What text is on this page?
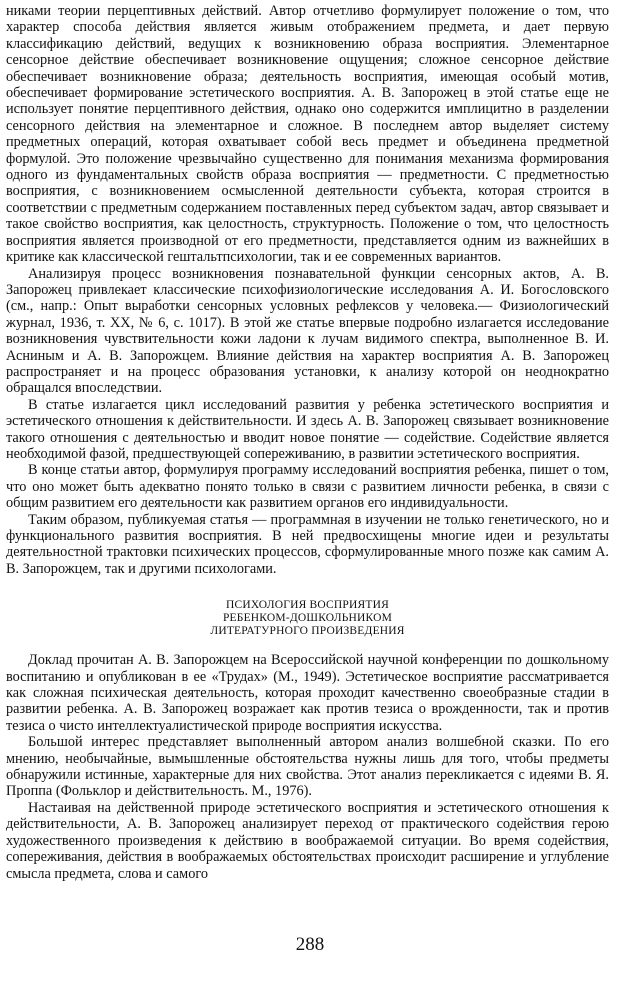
никами теории перцептивных действий. Автор отчетливо формулирует положение о том, что характер способа действия является живым отображением предмета, и дает первую классификацию действий, ведущих к возникновению образа восприятия. Элементарное сенсорное действие обеспечивает возникновение ощущения; сложное сенсорное действие обеспечивает возникновение образа; деятельность восприятия, имеющая особый мотив, обеспечивает формирование эстетического восприятия. А. В. Запорожец в этой статье еще не использует понятие перцептивного действия, однако оно содержится имплицитно в разделении сенсорного действия на элементарное и сложное. В последнем автор выделяет систему предметных операций, которая охватывает собой весь предмет и объединена предметной формулой. Это положение чрезвычайно существенно для понимания механизма формирования одного из фундаментальных свойств образа восприятия — предметности. С предметностью восприятия, с возникновением осмысленной деятельности субъекта, которая строится в соответствии с предметным содержанием поставленных перед субъектом задач, автор связывает и такое свойство восприятия, как целостность, структурность. Положение о том, что целостность восприятия является производной от его предметности, представляется одним из важнейших в критике как классической гештальтпсихологии, так и ее современных вариантов.

Анализируя процесс возникновения познавательной функции сенсорных актов, А. В. Запорожец привлекает классические психофизиологические исследования А. И. Богословского (см., напр.: Опыт выработки сенсорных условных рефлексов у человека.— Физиологический журнал, 1936, т. XX, № 6, с. 1017). В этой же статье впервые подробно излагается исследование возникновения чувствительности кожи ладони к лучам видимого спектра, выполненное В. И. Асниным и А. В. Запорожцем. Влияние действия на характер восприятия А. В. Запорожец распространяет и на процесс образования установки, к анализу которой он неоднократно обращался впоследствии.

В статье излагается цикл исследований развития у ребенка эстетического восприятия и эстетического отношения к действительности. И здесь А. В. Запорожец связывает возникновение такого отношения с деятельностью и вводит новое понятие — содействие. Содействие является необходимой фазой, предшествующей сопереживанию, в развитии эстетического восприятия.

В конце статьи автор, формулируя программу исследований восприятия ребенка, пишет о том, что оно может быть адекватно понято только в связи с развитием личности ребенка, в связи с общим развитием его деятельности как развитием органов его индивидуальности.

Таким образом, публикуемая статья — программная в изучении не только генетического, но и функционального развития восприятия. В ней предвосхищены многие идеи и результаты деятельностной трактовки психических процессов, сформулированные много позже как самим А. В. Запорожцем, так и другими психологами.

ПСИХОЛОГИЯ ВОСПРИЯТИЯ
РЕБЕНКОМ-ДОШКОЛЬНИКОМ
ЛИТЕРАТУРНОГО ПРОИЗВЕДЕНИЯ

Доклад прочитан А. В. Запорожцем на Всероссийской научной конференции по дошкольному воспитанию и опубликован в ее «Трудах» (М., 1949). Эстетическое восприятие рассматривается как сложная психическая деятельность, которая проходит качественно своеобразные стадии в развитии ребенка. А. В. Запорожец возражает как против тезиса о врожденности, так и против тезиса о чисто интеллектуалистической природе восприятия искусства.

Большой интерес представляет выполненный автором анализ волшебной сказки. По его мнению, необычайные, вымышленные обстоятельства нужны лишь для того, чтобы предметы обнаружили истинные, характерные для них свойства. Этот анализ перекликается с идеями В. Я. Проппа (Фольклор и действительность. М., 1976).

Настаивая на действенной природе эстетического восприятия и эстетического отношения к действительности, А. В. Запорожец анализирует переход от практического содействия герою художественного произведения к действию в воображаемой ситуации. Во время содействия, сопереживания, действия в воображаемых обстоятельствах происходит расширение и углубление смысла предмета, слова и самого

288
